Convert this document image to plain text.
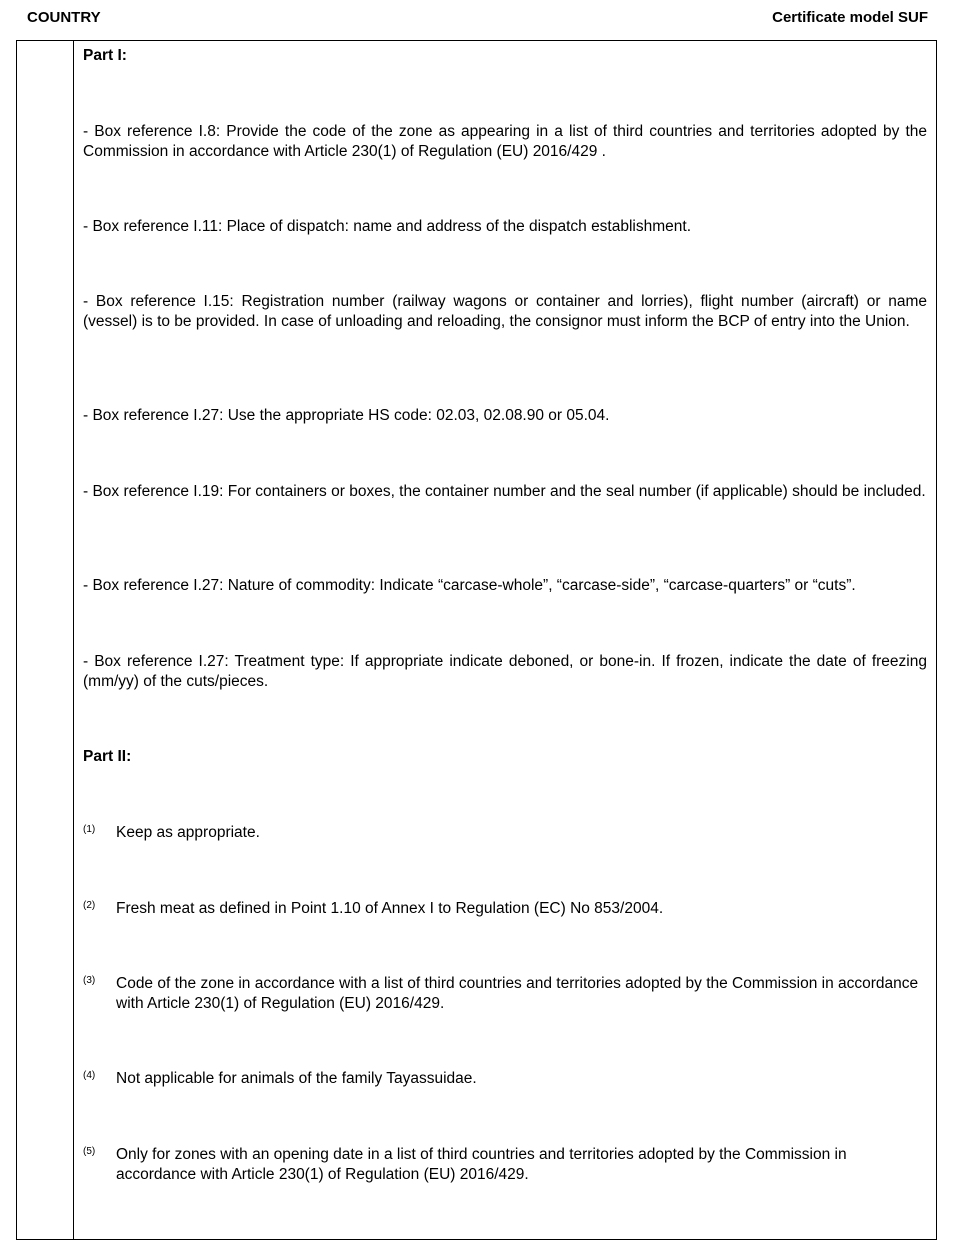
COUNTRY	Certificate model SUF
Part I:
- Box reference I.8: Provide the code of the zone as appearing in a list of third countries and territories adopted by the Commission in accordance with Article 230(1) of Regulation (EU) 2016/429 .
- Box reference I.11: Place of dispatch: name and address of the dispatch establishment.
- Box reference I.15: Registration number (railway wagons or container and lorries), flight number (aircraft) or name (vessel) is to be provided. In case of unloading and reloading, the consignor must inform the BCP of entry into the Union.
- Box reference I.27: Use the appropriate HS code: 02.03, 02.08.90 or 05.04.
- Box reference I.19: For containers or boxes, the container number and the seal number (if applicable) should be included.
- Box reference I.27: Nature of commodity: Indicate “carcase-whole”, “carcase-side”, “carcase-quarters” or “cuts”.
- Box reference I.27: Treatment type: If appropriate indicate deboned, or bone-in. If frozen, indicate the date of freezing (mm/yy) of the cuts/pieces.
Part II:
(1) Keep as appropriate.
(2) Fresh meat as defined in Point 1.10 of Annex I to Regulation (EC) No 853/2004.
(3) Code of the zone in accordance with a list of third countries and territories adopted by the Commission in accordance with Article 230(1) of Regulation (EU) 2016/429.
(4) Not applicable for animals of the family Tayassuidae.
(5) Only for zones with an opening date in a list of third countries and territories adopted by the Commission in accordance with Article 230(1) of Regulation (EU) 2016/429.
